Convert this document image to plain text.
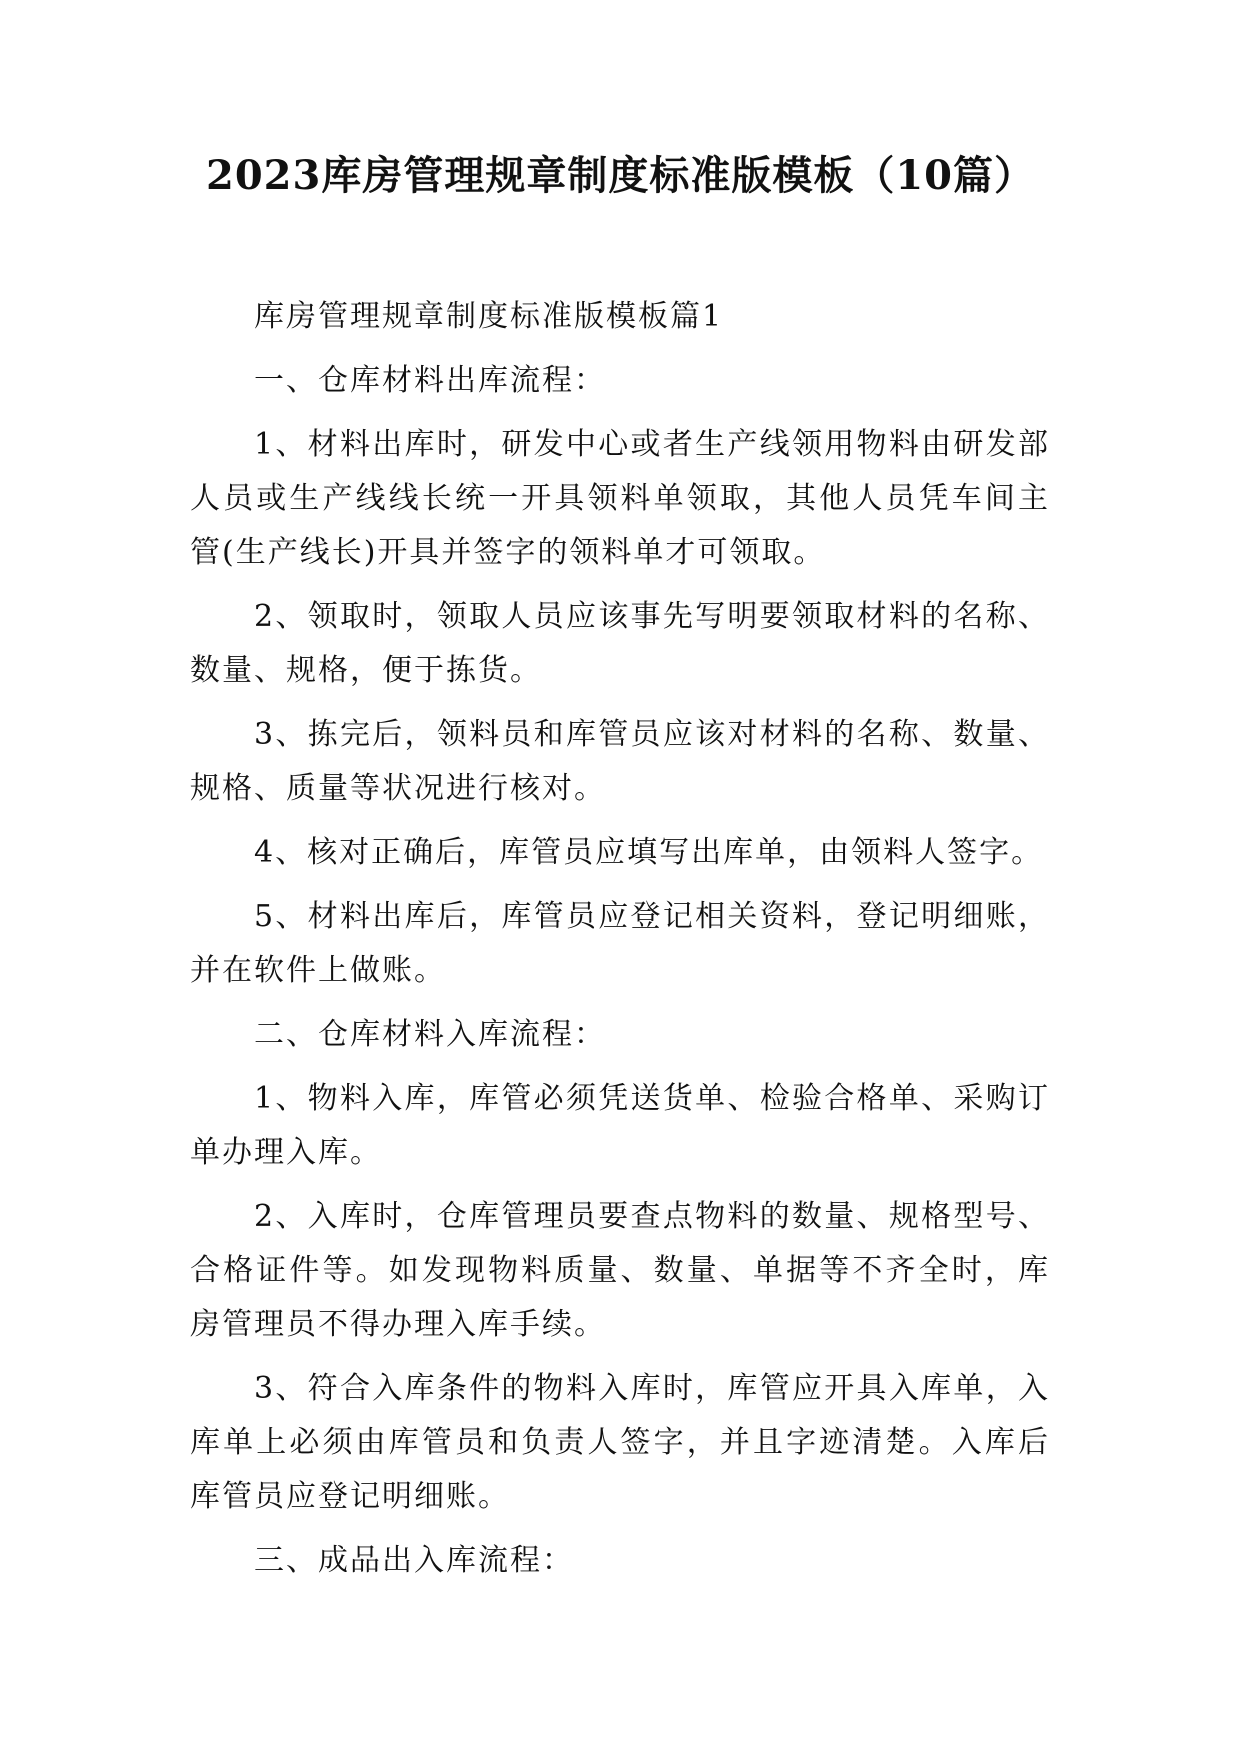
2023库房管理规章制度标准版模板（10篇）

库房管理规章制度标准版模板篇1

一、仓库材料出库流程：

1、材料出库时，研发中心或者生产线领用物料由研发部人员或生产线线长统一开具领料单领取，其他人员凭车间主管(生产线长)开具并签字的领料单才可领取。

2、领取时，领取人员应该事先写明要领取材料的名称、数量、规格，便于拣货。

3、拣完后，领料员和库管员应该对材料的名称、数量、规格、质量等状况进行核对。

4、核对正确后，库管员应填写出库单，由领料人签字。

5、材料出库后，库管员应登记相关资料，登记明细账，并在软件上做账。

二、仓库材料入库流程：

1、物料入库，库管必须凭送货单、检验合格单、采购订单办理入库。

2、入库时，仓库管理员要查点物料的数量、规格型号、合格证件等。如发现物料质量、数量、单据等不齐全时，库房管理员不得办理入库手续。

3、符合入库条件的物料入库时，库管应开具入库单，入库单上必须由库管员和负责人签字，并且字迹清楚。入库后库管员应登记明细账。

三、成品出入库流程：
